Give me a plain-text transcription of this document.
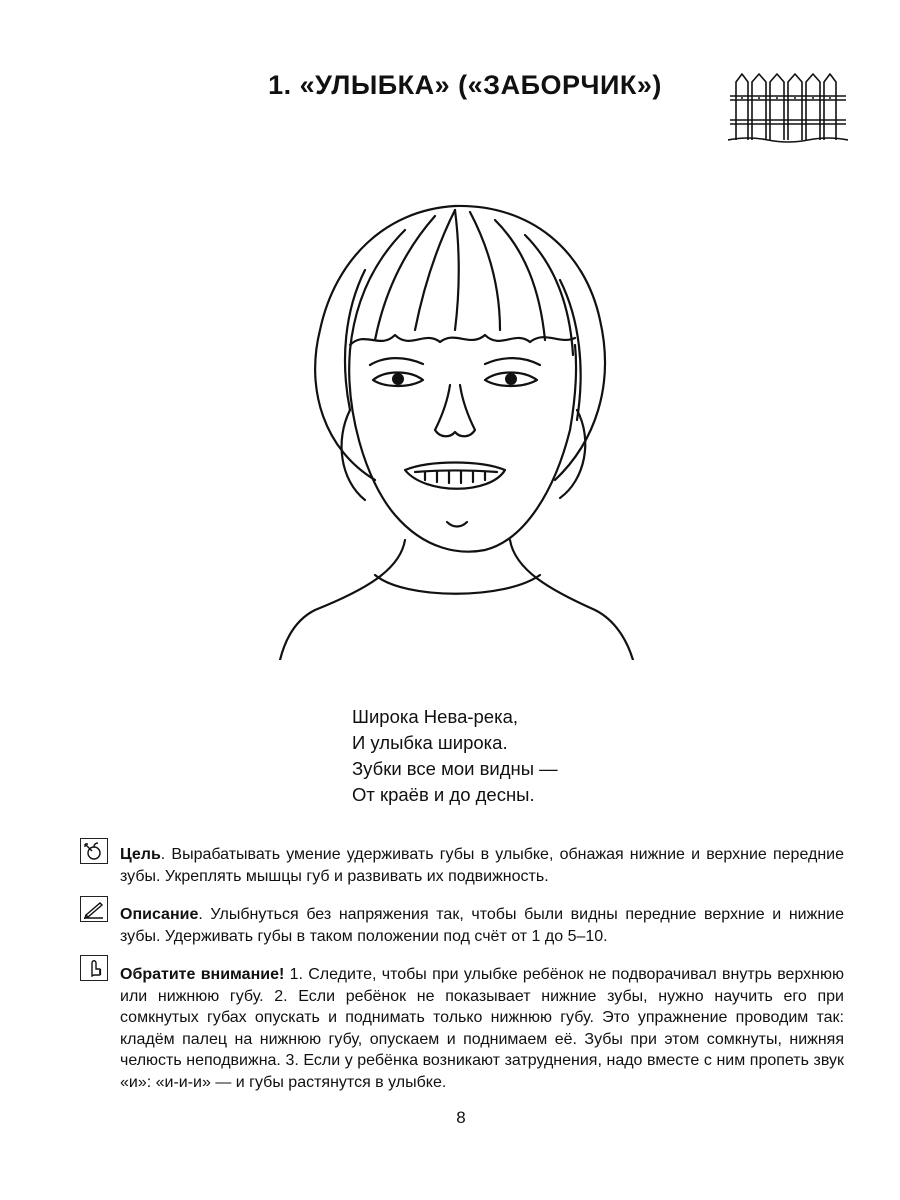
1. «УЛЫБКА» («ЗАБОРЧИК»)
Широка Нева-река,
И улыбка широка.
Зубки все мои видны —
От краёв и до десны.
Цель. Вырабатывать умение удерживать губы в улыбке, обнажая нижние и верхние передние зубы. Укреплять мышцы губ и развивать их подвижность.
Описание. Улыбнуться без напряжения так, чтобы были видны передние верхние и нижние зубы. Удерживать губы в таком положении под счёт от 1 до 5–10.
Обратите внимание! 1. Следите, чтобы при улыбке ребёнок не подворачивал внутрь верхнюю или нижнюю губу. 2. Если ребёнок не показывает нижние зубы, нужно научить его при сомкнутых губах опускать и поднимать только нижнюю губу. Это упражнение проводим так: кладём палец на нижнюю губу, опускаем и поднимаем её. Зубы при этом сомкнуты, нижняя челюсть неподвижна. 3. Если у ребёнка возникают затруднения, надо вместе с ним пропеть звук «и»: «и-и-и» — и губы растянутся в улыбке.
8
